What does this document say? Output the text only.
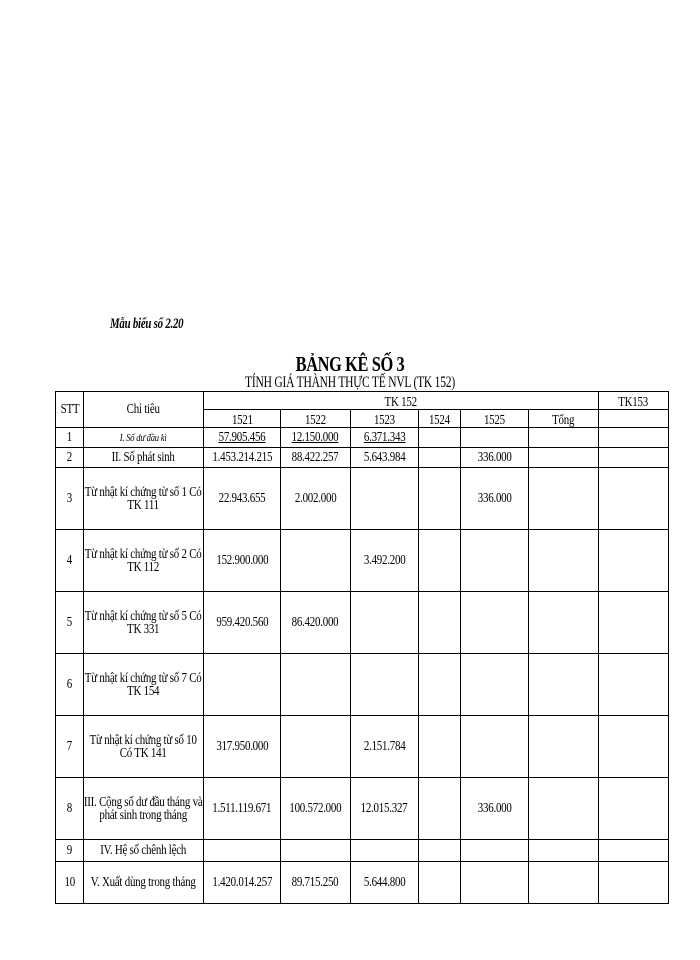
Mẫu biểu số 2.20
BẢNG KÊ SỐ 3
TÍNH GIÁ THÀNH THỰC TẾ NVL (TK 152)
STT	Chỉ tiêu	TK 152						TK153
		1521	1522	1523	1524	1525	Tổng	
1	I. Số dư đầu kì	57.905.456	12.150.000	6.371.343				
2	II. Số phát sinh	1.453.214.215	88.422.257	5.643.984		336.000		
3	Từ nhật kí chứng từ số 1 Có TK 111	22.943.655	2.002.000			336.000		
4	Từ nhật kí chứng từ số 2 Có TK 112	152.900.000		3.492.200				
5	Từ nhật kí chứng từ số 5 Có TK 331	959.420.560	86.420.000					
6	Từ nhật kí chứng từ số 7 Có TK 154							
7	Từ nhật kí chứng từ số 10 Có TK 141	317.950.000		2.151.784				
8	III. Cộng số dư đầu tháng và phát sinh trong tháng	1.511.119.671	100.572.000	12.015.327		336.000		
9	IV. Hệ số chênh lệch							
10	V. Xuất dùng trong tháng	1.420.014.257	89.715.250	5.644.800				
